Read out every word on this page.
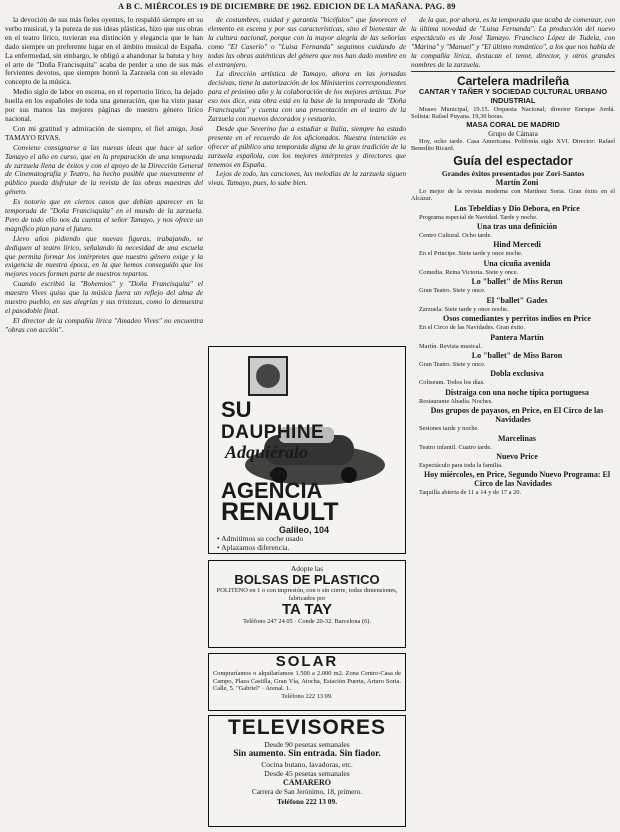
A B C. MIÉRCOLES 19 DE DICIEMBRE DE 1962. EDICION DE LA MAÑANA. PAG. 89

la devoción de sus más fieles oyentes, lo respaldó siempre en su verbo musical, y la pureza de sus ideas plásticas, hizo que sus obras en el teatro lírico, tuvieran esa distinción y elegancia que le han dado siempre un preferente lugar en el ámbito musical de España. La enfermedad, sin embargo, le obligó a abandonar la batuta y hoy el arte de "Doña Francisquita" acaba de perder a uno de sus más fervientes devotos, que siempre honró la Zarzuela con su elevado concepto de la música.

Medio siglo de labor en escena, en el repertorio lírico, ha dejado huella en los españoles de toda una generación, que ha visto pasar por sus manos las mejores páginas de nuestro género lírico nacional.

Con mi gratitud y admiración de siempre, el fiel amigo, José TAMAYO RIVAS.

Conviene consignarse a las nuevas ideas que hace al señor Tamayo el año en curso, que en la preparación de una temporada de zarzuela llena de éxitos y con el apoyo de la Dirección General de Cinematografía y Teatro, ha hecho posible que nuevamente el público pueda disfrutar de la revista de las obras maestras del género.

Es notorio que en ciertos casos que debían aparecer en la temporada de "Doña Francisquita" en el mundo de la zarzuela. Pero de todo ello nos da cuenta el señor Tamayo, y nos ofrece un magnífico plan para el futuro.

Llevo años pidiendo que nuevas figuras, trabajando, se dediquen al teatro lírico, señalando la necesidad de una escuela que permita formar los intérpretes que nuestro género exige y la exigencia de nuestra época, en la que hemos conseguido que los mejores voces formen parte de nuestros repartos.

Cuando escribió la "Bohemios" y "Doña Francisquita" el maestro Vives quiso que la música fuera un reflejo del alma de nuestro pueblo, en sus alegrías y sus tristezas, como lo demuestra el pasodoble final.

El director de la compañía lírica "Amadeo Vives" no encuentra "obras con acción".

de costumbres, cuidad y garantía "bicéfalos" que favorecen el elemento en escena y por sus características, sino el bienestar de la cultura nacional, porque con la mayor alegría de las señorías como "El Caserío" o "Luisa Fernanda" seguimos cuidando de todas las obras auténticas del género que nos han dado nombre en el extranjero.

La dirección artística de Tamayo, ahora en las jornadas decisivas, tiene la autorización de los Ministerios correspondientes para el próximo año y la colaboración de los mejores artistas. Por eso nos dice, esta obra está en la base de la temporada de "Doña Francisquita" y cuenta con una presentación en el teatro de la Zarzuela con nuevos decorados y vestuario.

Desde que Severino fue a estudiar a Italia, siempre ha estado presente en el recuerdo de los aficionados. Nuestra intención es ofrecer al público una temporada digna de la gran tradición de la zarzuela española, con los mejores intérpretes y directores que tenemos en España.

Lejos de todo, las canciones, las melodías de la zarzuela siguen vivas. Tamayo, pues, lo sabe bien.

SU
DAUPHINE
Adquiéralo
en
AGENCIA
RENAULT
Galileo, 104
• Admitimos su coche usado
• Aplazamos diferencia.
Adopte las
BOLSAS DE PLASTICO
POLITENO en 1 o con impresión, con o sin cierre, todas dimensiones, fabricados por
TA TAY
Teléfono 247 24 05 · Conde 20-32. Barcelona (6).
SOLAR
Compraríamos o alquilaríamos 1.500 a 2.000 m2. Zona Centro-Casa de Campo, Plaza Castilla, Gran Vía, Atocha, Estación Puerta, Arturo Soria. Calle, 5. "Gabriel" · Arenal. 1.
Teléfono 222 13 09.
TELEVISORES
Desde 90 pesetas semanales
Sin aumento. Sin entrada. Sin fiador.
Cocina butano, lavadoras, etc.
Desde 45 pesetas semanales
CAMARERO
Carrera de San Jerónimo, 18, primero.
Teléfono 222 13 09.

de la que, por ahora, es la temporada que acaba de comenzar, con la última novedad de "Luisa Fernanda". La producción del nuevo espectáculo es de José Tamayo. Francisco López de Tudela, con "Marina" y "Manuel" y "El último romántico", a los que nos habla de la compañía lírica, destacan el tenor, director, y otros grandes nombres de la zarzuela.

Cartelera madrileña
CANTAR Y TAÑER Y SOCIEDAD CULTURAL URBANO INDUSTRIAL

Museo Municipal, 19.15. Orquesta Nacional; director Enrique Jordá. Solista: Rafael Puyana. 19,30 horas.

MASA CORAL DE MADRID
Grupo de Cámara

Hoy, ocho tarde. Casa Americana. Polifonía siglo XVI. Director: Rafael Benedito Ricard.

Guía del espectador
Grandes éxitos presentados por Zori-Santos

Martín Zoni

Lo mejor de la revista moderna con Martínez Soria. Gran éxito en el Alcázar.

Los Tebeldías y Dio Debora, en Price

Programa especial de Navidad. Tarde y noche.

Una tras una definición

Centro Cultural. Ocho tarde.

Hind Mercedi

En el Principe. Siete tarde y once noche.

Una cicuña avenida

Comedia. Reina Victoria. Siete y once.

Lo "ballet" de Miss Rerun

Gran Teatro. Siete y once.

El "ballet" Gades

Zarzuela. Siete tarde y once noche.

Osos comediantes y perritos indios en Price

En el Circo de las Navidades. Gran éxito.

Pantera Martín

Martín. Revista musical.

Lo "ballet" de Miss Baron

Gran Teatro. Siete y once.

Dobla exclusiva

Coliseum. Todos los días.

Distraiga con una noche típica portuguesa

Restaurante Abadía. Noches.

Dos grupos de payasos, en Price, en El Circo de las Navidades

Sesiones tarde y noche.

Marcelinas

Teatro infantil. Cuatro tarde.

Nuevo Price

Espectáculo para toda la familia.

Hoy miércoles, en Price, Segundo Nuevo Programa: El Circo de las Navidades

Taquilla abierta de 11 a 14 y de 17 a 20.
